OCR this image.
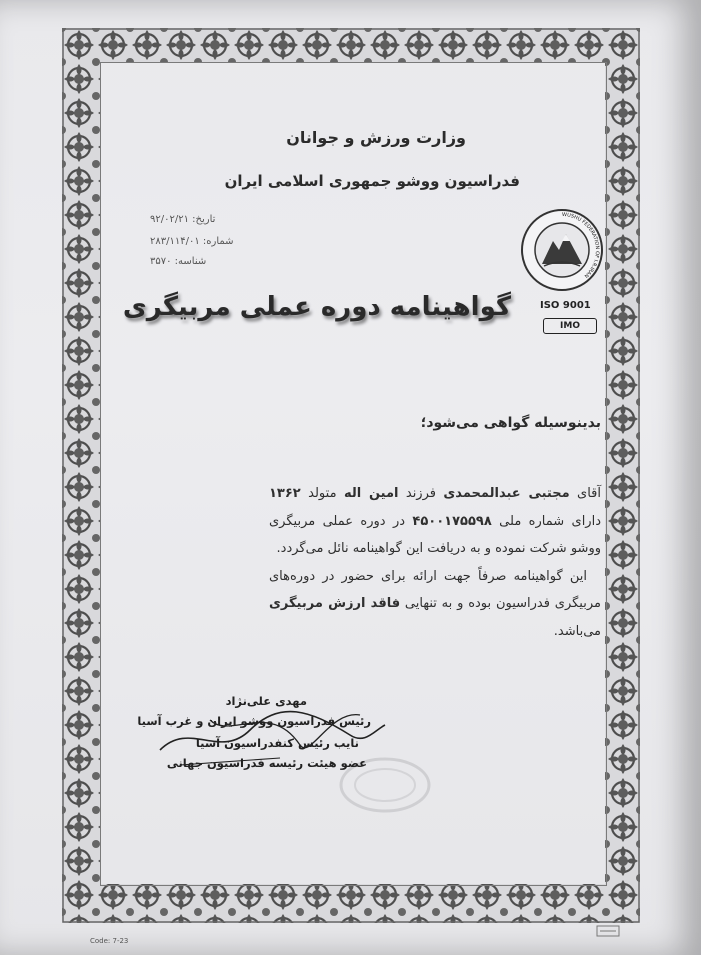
وزارت ورزش و جوانان
فدراسیون ووشو جمهوری اسلامی ایران
تاریخ: ۹۲/۰۲/۲۱
شماره: ۲۸۳/۱۱۴/۰۱
شناسه: ۳۵۷۰
WUSHU FEDERATION OF I.R.IRAN
ISO 9001
IMO
گواهینامه دوره عملی مربیگری
بدینوسیله گواهی می‌شود؛

آقای مجتبی عبدالمحمدی فرزند امین اله متولد ۱۳۶۲ دارای شماره ملی ۴۵۰۰۱۷۵۵۹۸ در دوره عملی مربیگری ووشو شرکت نموده و به دریافت این گواهینامه نائل می‌گردد.

این گواهینامه صرفاً جهت ارائه برای حضور در دوره‌های مربیگری فدراسیون بوده و به تنهایی فاقد ارزش مربیگری می‌باشد.

مهدی علی‌نژاد
رئیس فدراسیون ووشو ایران و غرب آسیا
نایب رئیس کنفدراسیون آسیا
عضو هیئت رئیسه فدراسیون جهانی
Code: 7-23
